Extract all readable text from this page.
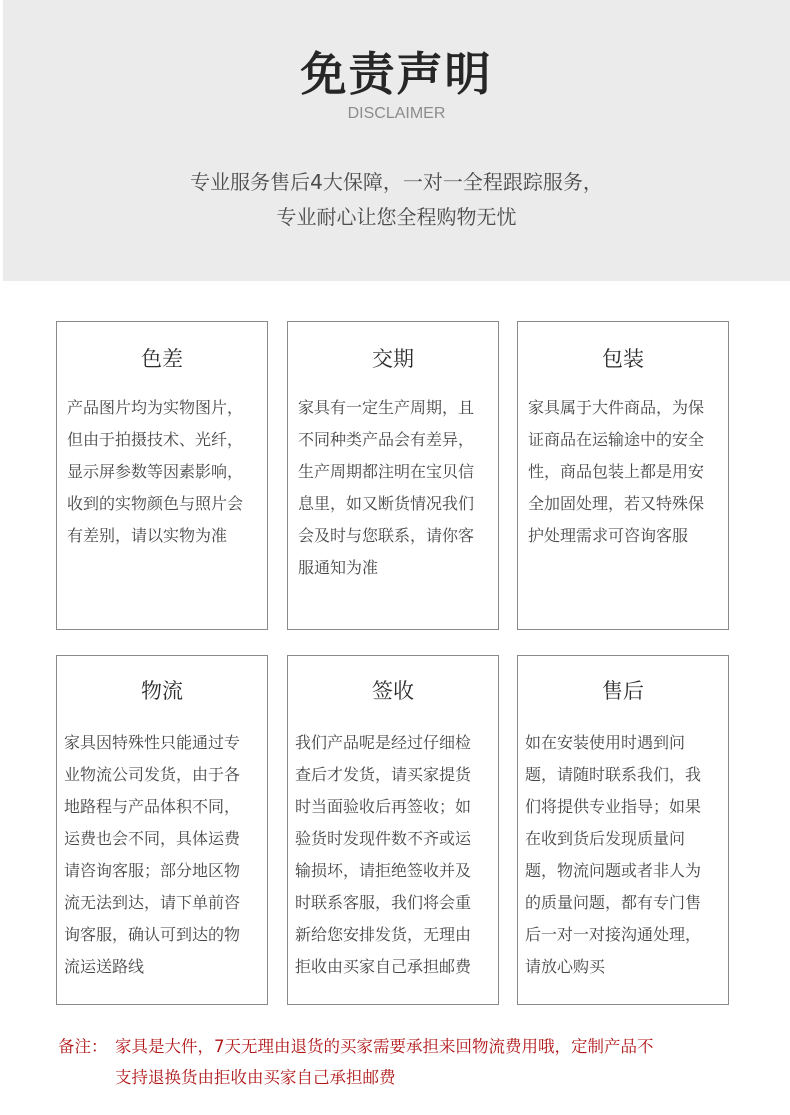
免责声明
DISCLAIMER
专业服务售后4大保障，一对一全程跟踪服务，
专业耐心让您全程购物无忧
色差
产品图片均为实物图片，
但由于拍摄技术、光纤，
显示屏参数等因素影响，
收到的实物颜色与照片会
有差别，请以实物为准
交期
家具有一定生产周期，且
不同种类产品会有差异，
生产周期都注明在宝贝信
息里，如又断货情况我们
会及时与您联系，请你客
服通知为准
包装
家具属于大件商品，为保
证商品在运输途中的安全
性，商品包装上都是用安
全加固处理，若又特殊保
护处理需求可咨询客服
物流
家具因特殊性只能通过专
业物流公司发货，由于各
地路程与产品体积不同，
运费也会不同，具体运费
请咨询客服；部分地区物
流无法到达，请下单前咨
询客服，确认可到达的物
流运送路线
签收
我们产品呢是经过仔细检
查后才发货，请买家提货
时当面验收后再签收；如
验货时发现件数不齐或运
输损坏，请拒绝签收并及
时联系客服，我们将会重
新给您安排发货，无理由
拒收由买家自己承担邮费
售后
如在安装使用时遇到问
题，请随时联系我们，我
们将提供专业指导；如果
在收到货后发现质量问
题，物流问题或者非人为
的质量问题，都有专门售
后一对一对接沟通处理，
请放心购买
备注： 家具是大件，7天无理由退货的买家需要承担来回物流费用哦，定制产品不
支持退换货由拒收由买家自己承担邮费
